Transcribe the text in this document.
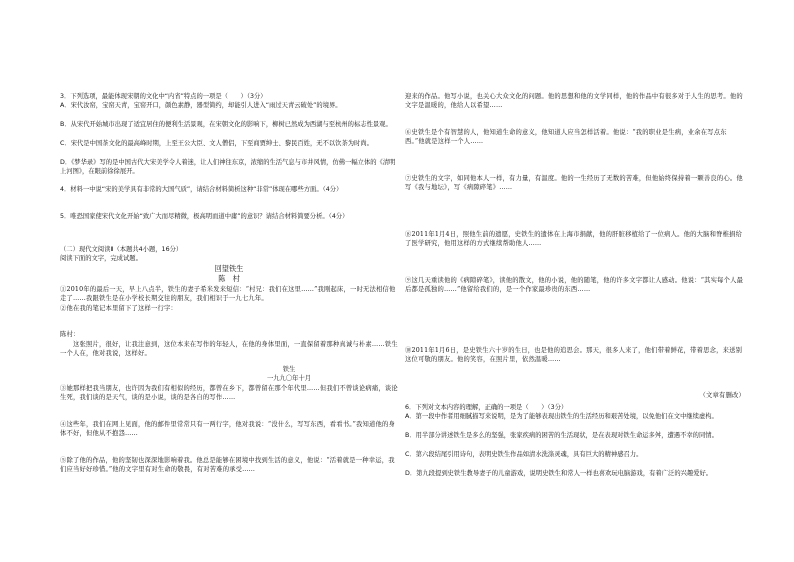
3．下列选项，最能体现宋朝的文化中“内省”特点的一项是（　　）（3分）

A．宋代汝窑，宝窑天青，宝窑开口，颜色素静，器型简约，却能引人进入“雨过天青云破处”的境界。

B．从宋代开始城市出现了适宜居住的便利生活景观，在宋朝文化的影响下，柳树已然成为西湖与至杭州的标志性景观。

C．宋代是中国茶文化的最高峰时期，上至王公大臣、文人僧侣，下至商贾绅士、黎民百姓，无不以饮茶为时尚。

D．《梦华录》写的是中国古代大宋美学令人着迷，让人们神往东京，浓缩的生活气息与市井风情，仿佛一幅立体的《清明上河图》，在眼前徐徐展开。

4．材料一中说“宋的美学具有非常的大国气质”，请结合材料简析这种“非常”体现在哪些方面。（4分）

5．唯恐国家使宋代文化开始“致广大而尽精微，极高明而道中庸”的意识？请结合材料简要分析。（4分）

（二）现代文阅读Ⅱ（本题共4小题，16分）

阅读下面的文字，完成试题。

回望铁生
陈　村

①2010年的最后一天，早上八点半，铁生的妻子希米发来短信：“村兄：我们在这里……”我刚起床，一时无法相信他走了……我跟铁生是在小学校长期交往的朋友，我们相识于一九七九年。

②他在我的笔记本里留下了这样一行字：

陈村：

　　这张照片，很好，让我注意到，这位本来在写作的年轻人，在他的身体里面，一直保留着那种真诚与朴素……铁生一个人在，他对我说，这样好。

铁生
一九九〇年十月

③她那样把我当朋友，也许因为我们有相似的经历，都曾在乡下，都曾留在那个年代里……但我们不曾谈论病痛，谈论生死，我们谈的是天气，谈的是小说，谈的是各自的写作……

④这些年，我们在网上见面，他的邮件里常常只有一两行字，他对我说：“没什么，写写东西，看看书。”我知道他的身体不好，但他从不抱怨……

⑤除了他的作品，他的坚韧也深深地影响着我。他总是能够在困境中找到生活的意义，他说：“活着就是一种幸运，我们应当好好珍惜。”他的文字里有对生命的敬畏，有对苦难的承受……

迎来的作品。他写小说，也关心大众文化的问题。他的思想和他的文学同样，他的作品中有很多对于人生的思考。他的文字是温暖的，他给人以希望……

⑥史铁生是个有智慧的人，他知道生命的意义，他知道人应当怎样活着。他说：“我的职业是生病，业余在写点东西。”他就是这样一个人……

⑦史铁生的文字，如同他本人一样，有力量，有温度。他的一生经历了无数的苦难，但他始终保持着一颗善良的心。他写《我与地坛》，写《病隙碎笔》……

⑧2011年1月4日，照他生前的遗愿，史铁生的遗体在上海市捐献，他的肝脏移植给了一位病人。他的大脑和脊椎捐给了医学研究，他用这样的方式继续帮助他人……

⑨这几天重读他的《病隙碎笔》，读他的散文，他的小说，他的随笔，他的许多文字都让人感动。他说：“其实每个人最后都是孤独的……”他留给我们的，是一个作家最珍贵的东西……

⑩2011年1月6日，是史铁生六十岁的生日，也是他的追思会。那天，很多人来了，他们带着鲜花，带着思念，来送别这位可敬的朋友。他的笑容，在照片里，依然温暖……

（文章有删改）

6．下列对文本内容的理解，正确的一项是（　　）（3分）

A．第一段中作者用细腻描写来说明，是为了能够表现出铁生的生活经历和艰苦处境，以免他们在文中继续虚构。

B．用半部分讲述铁生是多么的坚强，张家疾病的困苦的生活现状，是在表现对铁生命运多舛，遭遇不幸的同情。

C．第六段结尾引用诗句，表明史铁生作品如清水洗涤灵魂，具有巨大的精神感召力。

D．第九段提到史铁生教导妻子的儿童游戏，说明史铁生和常人一样也喜欢玩电脑游戏，有着广泛的兴趣爱好。
